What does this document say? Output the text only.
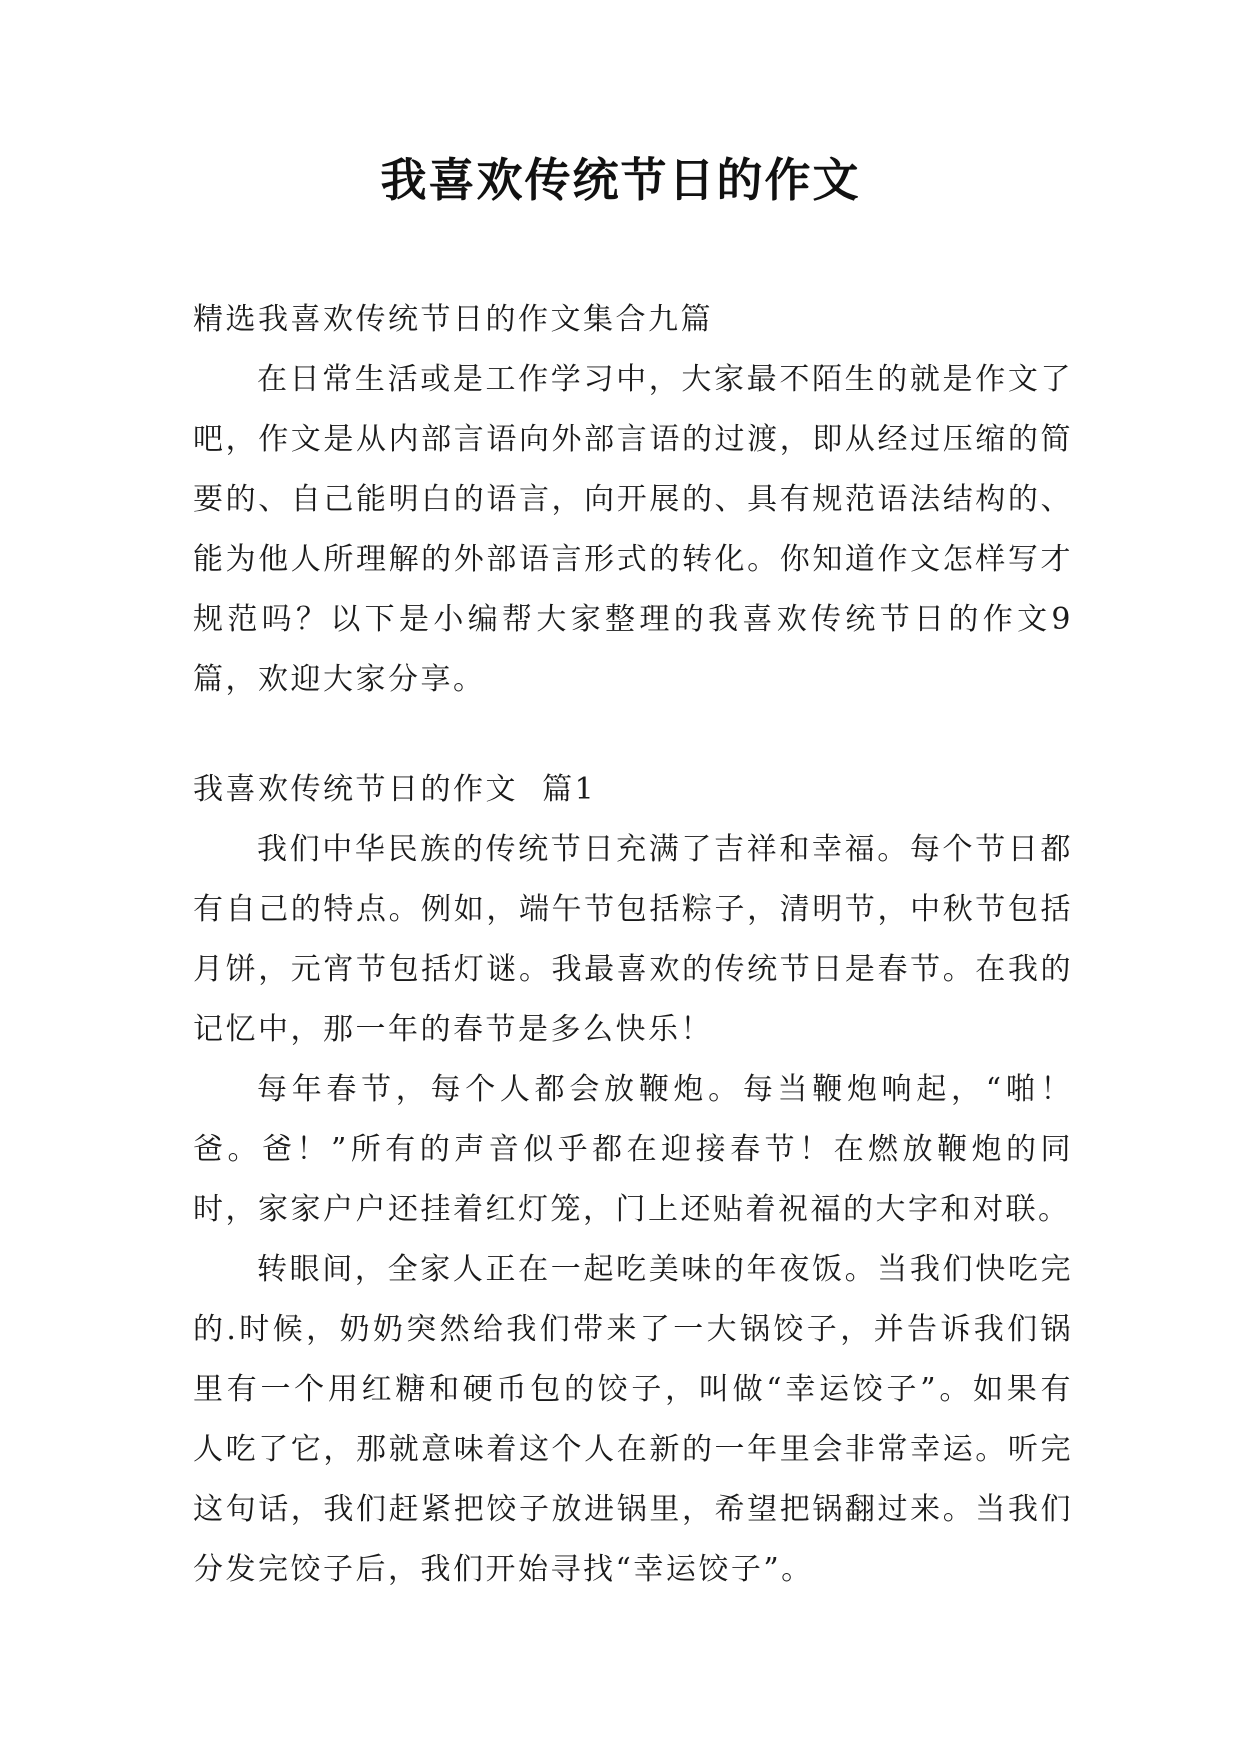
我喜欢传统节日的作文

精选我喜欢传统节日的作文集合九篇

在日常生活或是工作学习中，大家最不陌生的就是作文了吧，作文是从内部言语向外部言语的过渡，即从经过压缩的简要的、自己能明白的语言，向开展的、具有规范语法结构的、能为他人所理解的外部语言形式的转化。你知道作文怎样写才规范吗？以下是小编帮大家整理的我喜欢传统节日的作文9篇，欢迎大家分享。

我喜欢传统节日的作文  篇1

我们中华民族的传统节日充满了吉祥和幸福。每个节日都有自己的特点。例如，端午节包括粽子，清明节，中秋节包括月饼，元宵节包括灯谜。我最喜欢的传统节日是春节。在我的记忆中，那一年的春节是多么快乐！

每年春节，每个人都会放鞭炮。每当鞭炮响起，“啪！爸。爸！”所有的声音似乎都在迎接春节！在燃放鞭炮的同时，家家户户还挂着红灯笼，门上还贴着祝福的大字和对联。

转眼间，全家人正在一起吃美味的年夜饭。当我们快吃完的.时候，奶奶突然给我们带来了一大锅饺子，并告诉我们锅里有一个用红糖和硬币包的饺子，叫做“幸运饺子”。如果有人吃了它，那就意味着这个人在新的一年里会非常幸运。听完这句话，我们赶紧把饺子放进锅里，希望把锅翻过来。当我们分发完饺子后，我们开始寻找“幸运饺子”。
